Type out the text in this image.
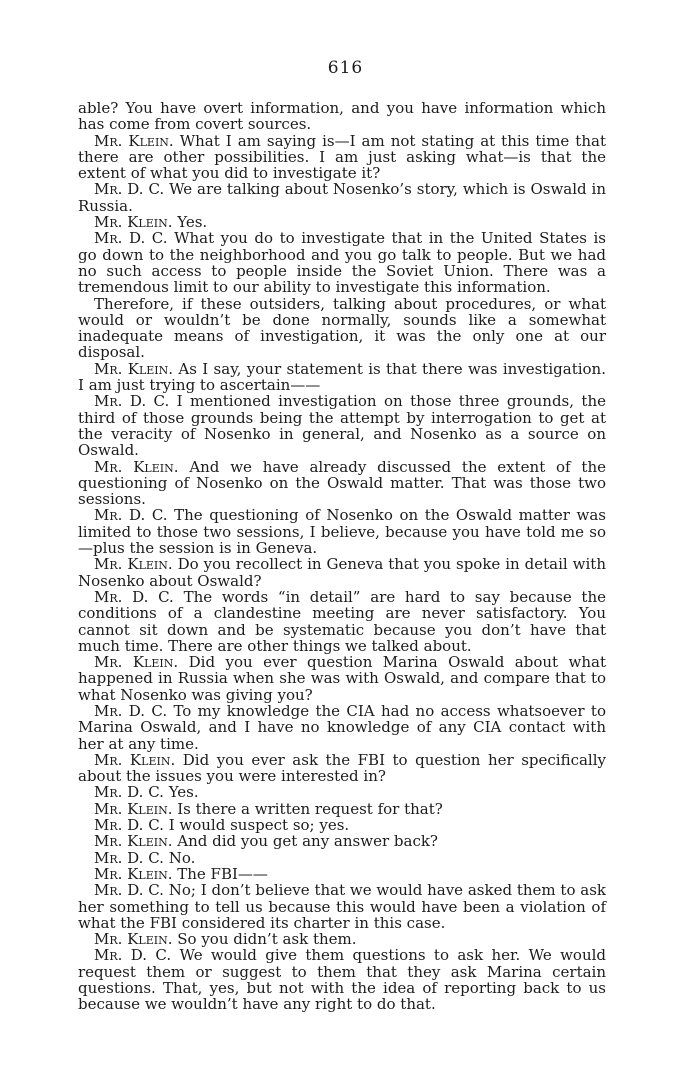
616

able? You have overt information, and you have information which has come from covert sources.

Mr. Klein. What I am saying is—I am not stating at this time that there are other possibilities. I am just asking what—is that the extent of what you did to investigate it?

Mr. D. C. We are talking about Nosenko’s story, which is Oswald in Russia.

Mr. Klein. Yes.

Mr. D. C. What you do to investigate that in the United States is go down to the neighborhood and you go talk to people. But we had no such access to people inside the Soviet Union. There was a tremendous limit to our ability to investigate this information.

Therefore, if these outsiders, talking about procedures, or what would or wouldn’t be done normally, sounds like a somewhat inadequate means of investigation, it was the only one at our disposal.

Mr. Klein. As I say, your statement is that there was investigation. I am just trying to ascertain——

Mr. D. C. I mentioned investigation on those three grounds, the third of those grounds being the attempt by interrogation to get at the veracity of Nosenko in general, and Nosenko as a source on Oswald.

Mr. Klein. And we have already discussed the extent of the questioning of Nosenko on the Oswald matter. That was those two sessions.

Mr. D. C. The questioning of Nosenko on the Oswald matter was limited to those two sessions, I believe, because you have told me so—plus the session is in Geneva.

Mr. Klein. Do you recollect in Geneva that you spoke in detail with Nosenko about Oswald?

Mr. D. C. The words “in detail” are hard to say because the conditions of a clandestine meeting are never satisfactory. You cannot sit down and be systematic because you don’t have that much time. There are other things we talked about.

Mr. Klein. Did you ever question Marina Oswald about what happened in Russia when she was with Oswald, and compare that to what Nosenko was giving you?

Mr. D. C. To my knowledge the CIA had no access whatsoever to Marina Oswald, and I have no knowledge of any CIA contact with her at any time.

Mr. Klein. Did you ever ask the FBI to question her specifically about the issues you were interested in?

Mr. D. C. Yes.

Mr. Klein. Is there a written request for that?

Mr. D. C. I would suspect so; yes.

Mr. Klein. And did you get any answer back?

Mr. D. C. No.

Mr. Klein. The FBI——

Mr. D. C. No; I don’t believe that we would have asked them to ask her something to tell us because this would have been a violation of what the FBI considered its charter in this case.

Mr. Klein. So you didn’t ask them.

Mr. D. C. We would give them questions to ask her. We would request them or suggest to them that they ask Marina certain questions. That, yes, but not with the idea of reporting back to us because we wouldn’t have any right to do that.
